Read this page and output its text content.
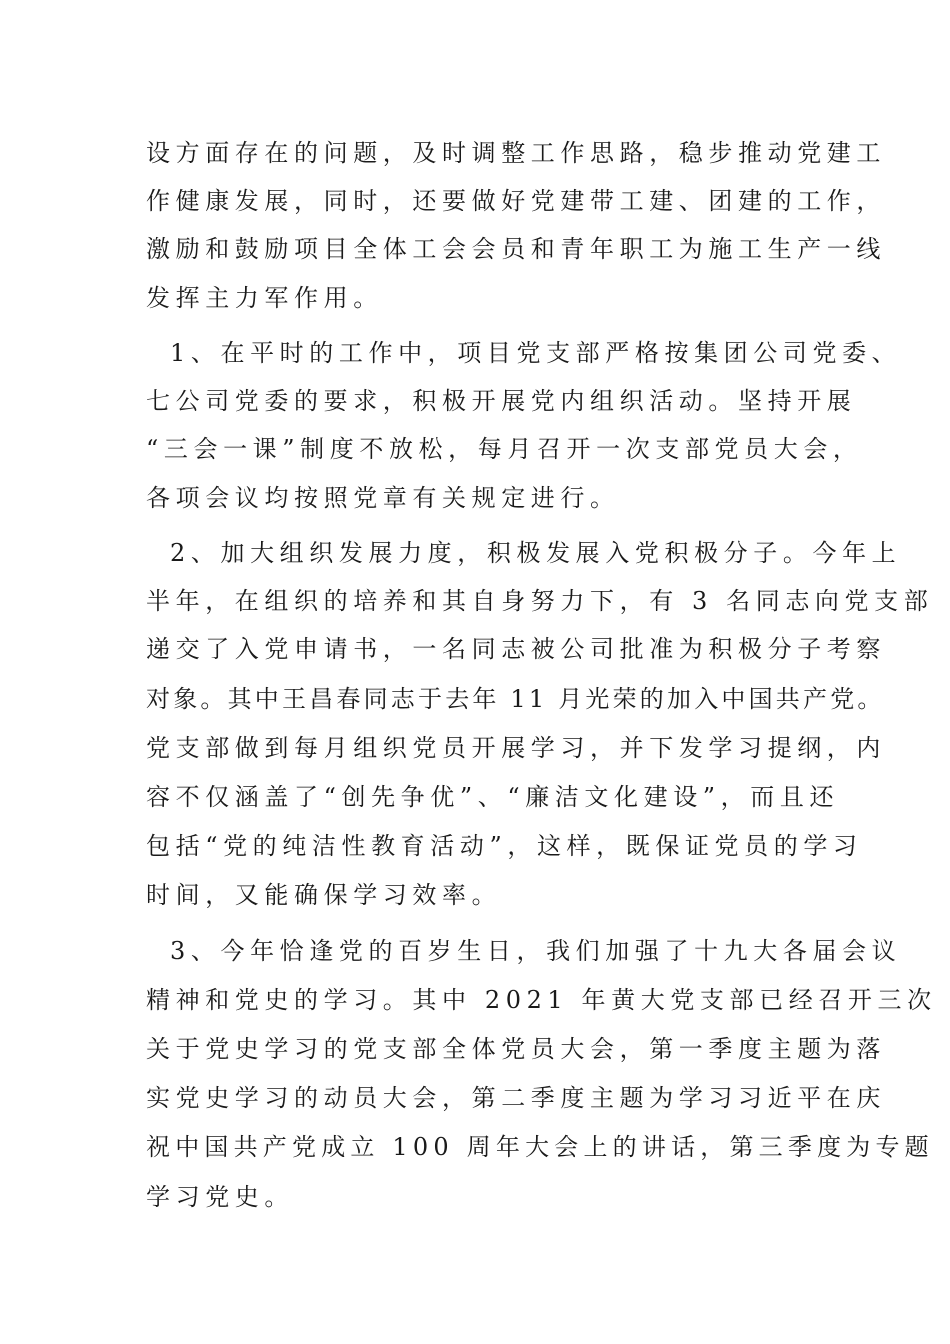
设方面存在的问题，及时调整工作思路，稳步推动党建工

作健康发展，同时，还要做好党建带工建、团建的工作，

激励和鼓励项目全体工会会员和青年职工为施工生产一线

发挥主力军作用。

1、在平时的工作中，项目党支部严格按集团公司党委、

七公司党委的要求，积极开展党内组织活动。坚持开展

“三会一课”制度不放松，每月召开一次支部党员大会，

各项会议均按照党章有关规定进行。

2、加大组织发展力度，积极发展入党积极分子。今年上

半年，在组织的培养和其自身努力下，有 3 名同志向党支部

递交了入党申请书，一名同志被公司批准为积极分子考察

对象。其中王昌春同志于去年 11 月光荣的加入中国共产党。

党支部做到每月组织党员开展学习，并下发学习提纲，内

容不仅涵盖了“创先争优”、“廉洁文化建设”，而且还

包括“党的纯洁性教育活动”，这样，既保证党员的学习

时间，又能确保学习效率。

3、今年恰逢党的百岁生日，我们加强了十九大各届会议

精神和党史的学习。其中 2021 年黄大党支部已经召开三次

关于党史学习的党支部全体党员大会，第一季度主题为落

实党史学习的动员大会，第二季度主题为学习习近平在庆

祝中国共产党成立 100 周年大会上的讲话，第三季度为专题

学习党史。
